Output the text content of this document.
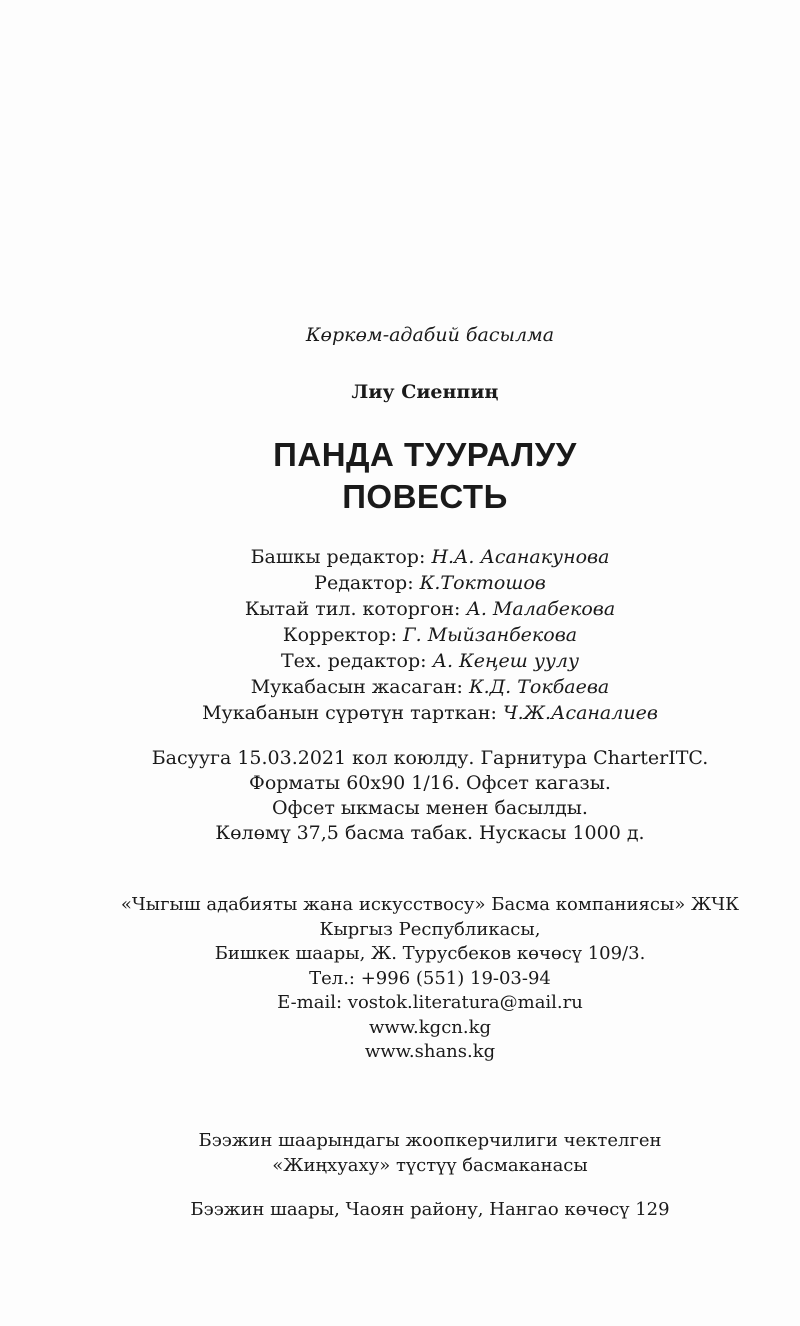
Көркөм-адабий басылма
Лиу Сиенпиң
ПАНДА ТУУРАЛУУ
ПОВЕСТЬ
Башкы редактор: Н.А. Асанакунова
Редактор: К.Токтошов
Кытай тил. которгон: А. Малабекова
Корректор: Г. Мыйзанбекова
Тех. редактор: А. Кеңеш уулу
Мукабасын жасаган: К.Д. Токбаева
Мукабанын сүрөтүн тарткан: Ч.Ж.Асаналиев
Басууга 15.03.2021 кол коюлду. Гарнитура CharterITC.
Форматы 60х90 1/16. Офсет кагазы.
Офсет ыкмасы менен басылды.
Көлөмү 37,5 басма табак. Нускасы 1000 д.
«Чыгыш адабияты жана искусствосу» Басма компаниясы» ЖЧК
Кыргыз Республикасы,
Бишкек шаары, Ж. Турусбеков көчөсү 109/3.
Тел.: +996 (551) 19-03-94
E-mail: vostok.literatura@mail.ru
www.kgcn.kg
www.shans.kg
Бээжин шаарындагы жоопкерчилиги чектелген
«Жиңхуаху» түстүү басмаканасы
Бээжин шаары, Чаоян району, Нангао көчөсү 129
